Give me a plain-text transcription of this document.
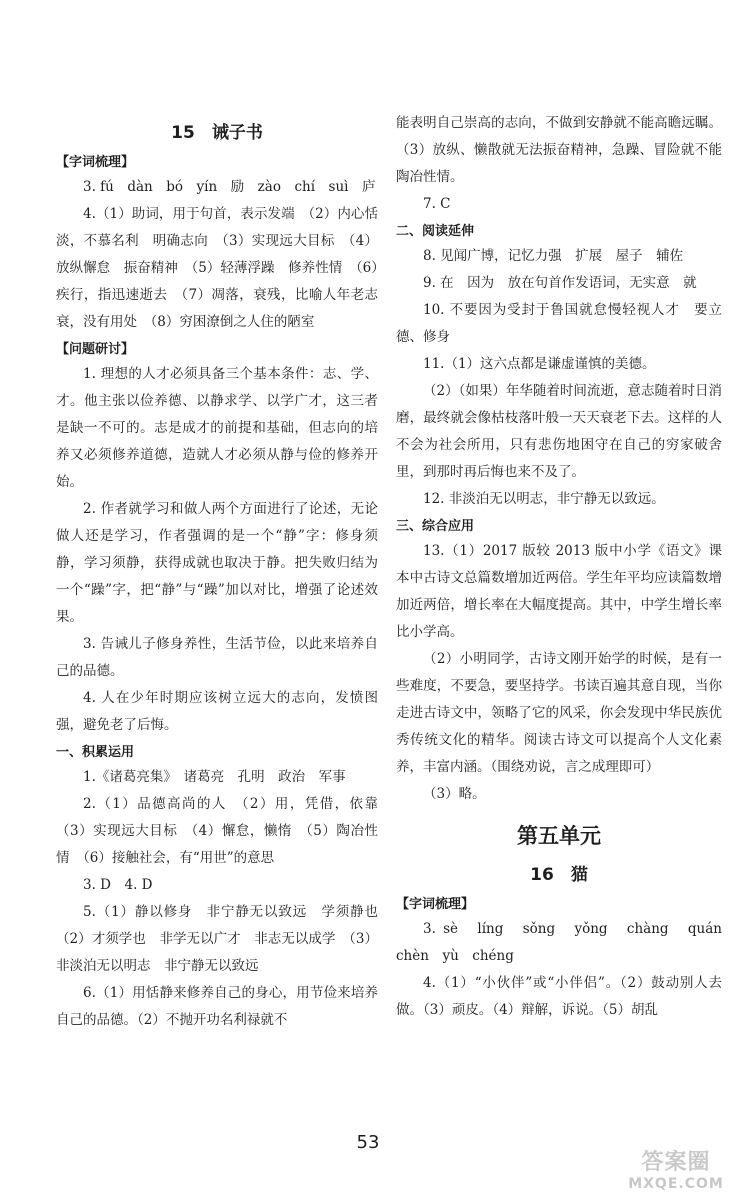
15　诫子书
【字词梳理】

3. fú　dàn　bó　yín　励　zào　chí　suì　庐

4.（1）助词，用于句首，表示发端　（2）内心恬淡，不慕名利　明确志向　（3）实现远大目标　（4）放纵懈怠　振奋精神　（5）轻薄浮躁　修养性情　（6）疾行，指迅速逝去　（7）凋落，衰残，比喻人年老志衰，没有用处　（8）穷困潦倒之人住的陋室

【问题研讨】

1. 理想的人才必须具备三个基本条件：志、学、才。他主张以俭养德、以静求学、以学广才，这三者是缺一不可的。志是成才的前提和基础，但志向的培养又必须修养道德，造就人才必须从静与俭的修养开始。

2. 作者就学习和做人两个方面进行了论述，无论做人还是学习，作者强调的是一个“静”字：修身须静，学习须静，获得成就也取决于静。把失败归结为一个“躁”字，把“静”与“躁”加以对比，增强了论述效果。

3. 告诫儿子修身养性，生活节俭，以此来培养自己的品德。

4. 人在少年时期应该树立远大的志向，发愤图强，避免老了后悔。

一、积累运用

1.《诸葛亮集》　诸葛亮　孔明　政治　军事

2.（1）品德高尚的人　（2）用，凭借，依靠　（3）实现远大目标　（4）懈怠，懒惰　（5）陶冶性情　（6）接触社会，有“用世”的意思

3. D　4. D

5.（1）静以修身　非宁静无以致远　学须静也　（2）才须学也　非学无以广才　非志无以成学　（3）非淡泊无以明志　非宁静无以致远

6.（1）用恬静来修养自己的身心，用节俭来培养自己的品德。（2）不抛开功名利禄就不

能表明自己崇高的志向，不做到安静就不能高瞻远瞩。（3）放纵、懒散就无法振奋精神，急躁、冒险就不能陶冶性情。

7. C

二、阅读延伸

8. 见闻广博，记忆力强　扩展　屋子　辅佐

9. 在　因为　放在句首作发语词，无实意　就

10. 不要因为受封于鲁国就怠慢轻视人才　要立德、修身

11.（1）这六点都是谦虚谨慎的美德。

（2）（如果）年华随着时间流逝，意志随着时日消磨，最终就会像枯枝落叶般一天天衰老下去。这样的人不会为社会所用，只有悲伤地困守在自己的穷家破舍里，到那时再后悔也来不及了。

12. 非淡泊无以明志，非宁静无以致远。

三、综合应用

13.（1）2017 版较 2013 版中小学《语文》课本中古诗文总篇数增加近两倍。学生年平均应读篇数增加近两倍，增长率在大幅度提高。其中，中学生增长率比小学高。

（2）小明同学，古诗文刚开始学的时候，是有一些难度，不要急，要坚持学。书读百遍其意自现，当你走进古诗文中，领略了它的风采，你会发现中华民族优秀传统文化的精华。阅读古诗文可以提高个人文化素养，丰富内涵。（围绕劝说，言之成理即可）

（3）略。

第五单元
16　猫
【字词梳理】

3. sè　líng　sǒng　yǒng　chàng　quán　chèn　yù　chéng

4.（1）“小伙伴”或“小伴侣”。（2）鼓动别人去做。（3）顽皮。（4）辩解，诉说。（5）胡乱

53
答案圈
MXQE.COM
